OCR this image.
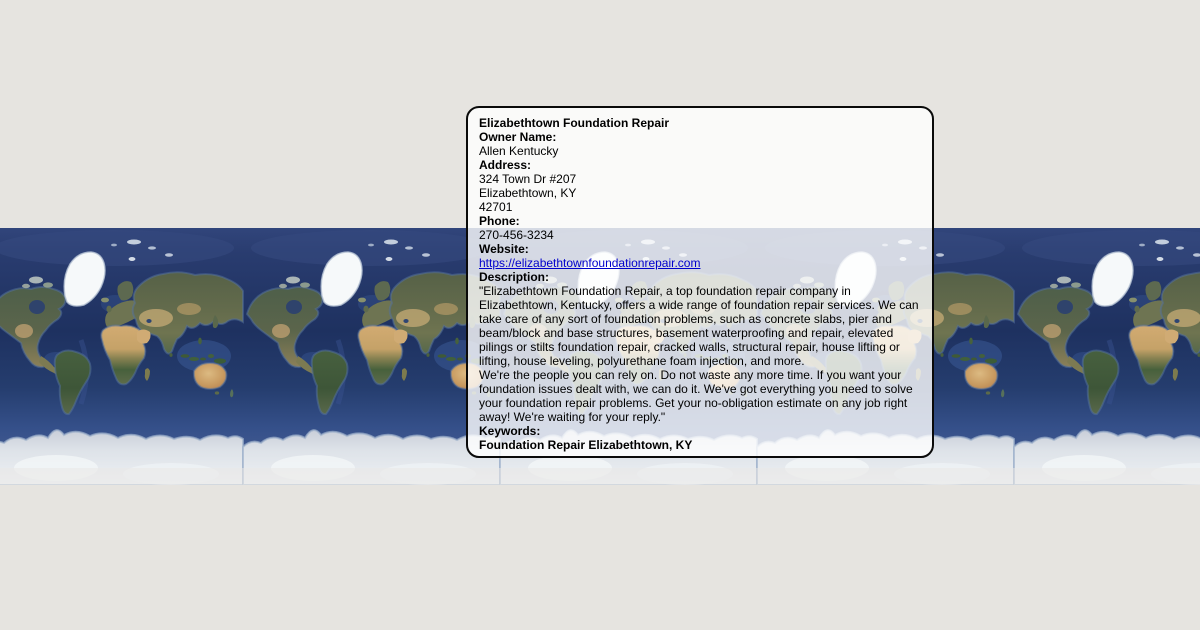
Elizabethtown Foundation Repair
Owner Name:
Allen Kentucky
Address:
324 Town Dr #207
Elizabethtown, KY
42701
Phone:
270-456-3234
Website:
https://elizabethtownfoundationrepair.com
Description:
"Elizabethtown Foundation Repair, a top foundation repair company in Elizabethtown, Kentucky, offers a wide range of foundation repair services. We can take care of any sort of foundation problems, such as concrete slabs, pier and beam/block and base structures, basement waterproofing and repair, elevated pilings or stilts foundation repair, cracked walls, structural repair, house lifting or lifting, house leveling, polyurethane foam injection, and more.
We're the people you can rely on. Do not waste any more time. If you want your foundation issues dealt with, we can do it. We've got everything you need to solve your foundation repair problems. Get your no-obligation estimate on any job right away! We're waiting for your reply."
Keywords:
Foundation Repair Elizabethtown, KY
